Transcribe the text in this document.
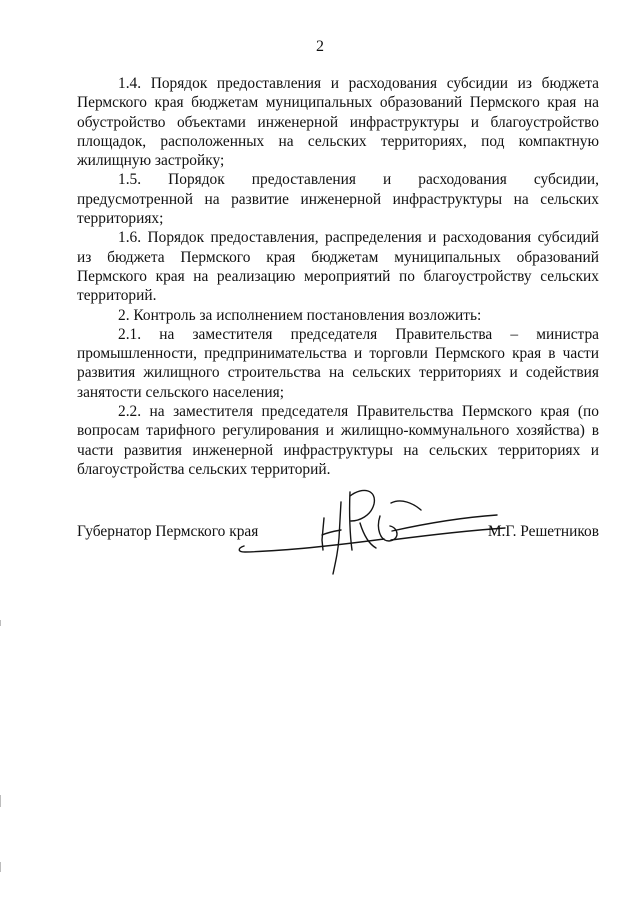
2

1.4. Порядок предоставления и расходования субсидии из бюджета Пермского края бюджетам муниципальных образований Пермского края на обустройство объектами инженерной инфраструктуры и благоустройство площадок, расположенных на сельских территориях, под компактную жилищную застройку;

1.5. Порядок предоставления и расходования субсидии, предусмотренной на развитие инженерной инфраструктуры на сельских территориях;

1.6. Порядок предоставления, распределения и расходования субсидий из бюджета Пермского края бюджетам муниципальных образований Пермского края на реализацию мероприятий по благоустройству сельских территорий.

2. Контроль за исполнением постановления возложить:

2.1. на заместителя председателя Правительства – министра промышленности, предпринимательства и торговли Пермского края в части развития жилищного строительства на сельских территориях и содействия занятости сельского населения;

2.2. на заместителя председателя Правительства Пермского края (по вопросам тарифного регулирования и жилищно-коммунального хозяйства) в части развития инженерной инфраструктуры на сельских территориях и благоустройства сельских территорий.

Губернатор Пермского края	М.Г. Решетников
